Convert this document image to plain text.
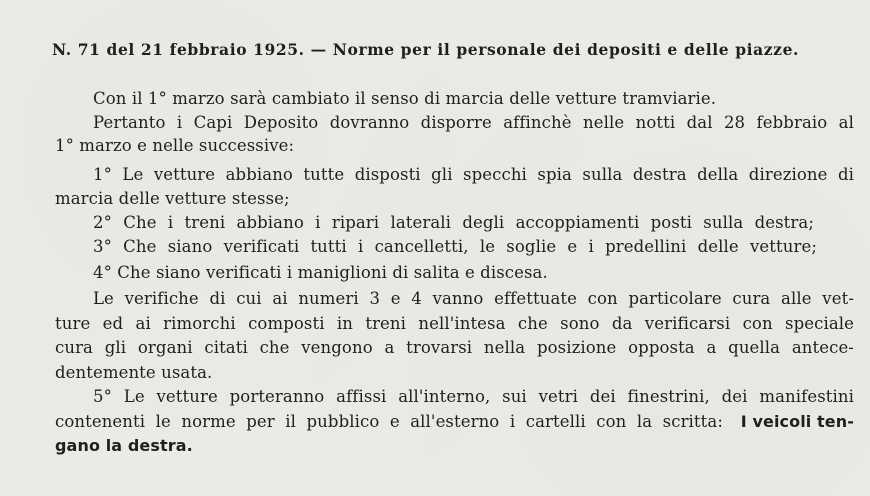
N. 71 del 21 febbraio 1925. — Norme per il personale dei depositi e delle piazze.
Con il 1° marzo sarà cambiato il senso di marcia delle vetture tramviarie.
Pertanto i Capi Deposito dovranno disporre affinchè nelle notti dal 28 febbraio al
1° marzo e nelle successive:
1° Le vetture abbiano tutte disposti gli specchi spia sulla destra della direzione di
marcia delle vetture stesse;
2° Che i treni abbiano i ripari laterali degli accoppiamenti posti sulla destra;
3° Che siano verificati tutti i cancelletti, le soglie e i predellini delle vetture;
4° Che siano verificati i maniglioni di salita e discesa.
Le verifiche di cui ai numeri 3 e 4 vanno effettuate con particolare cura alle vet-
ture ed ai rimorchi composti in treni nell'intesa che sono da verificarsi con speciale
cura gli organi citati che vengono a trovarsi nella posizione opposta a quella antece-
dentemente usata.
5° Le vetture porteranno affissi all'interno, sui vetri dei finestrini, dei manifestini
contenenti le norme per il pubblico e all'esterno i cartelli con la scritta: I veicoli ten-
gano la destra.
